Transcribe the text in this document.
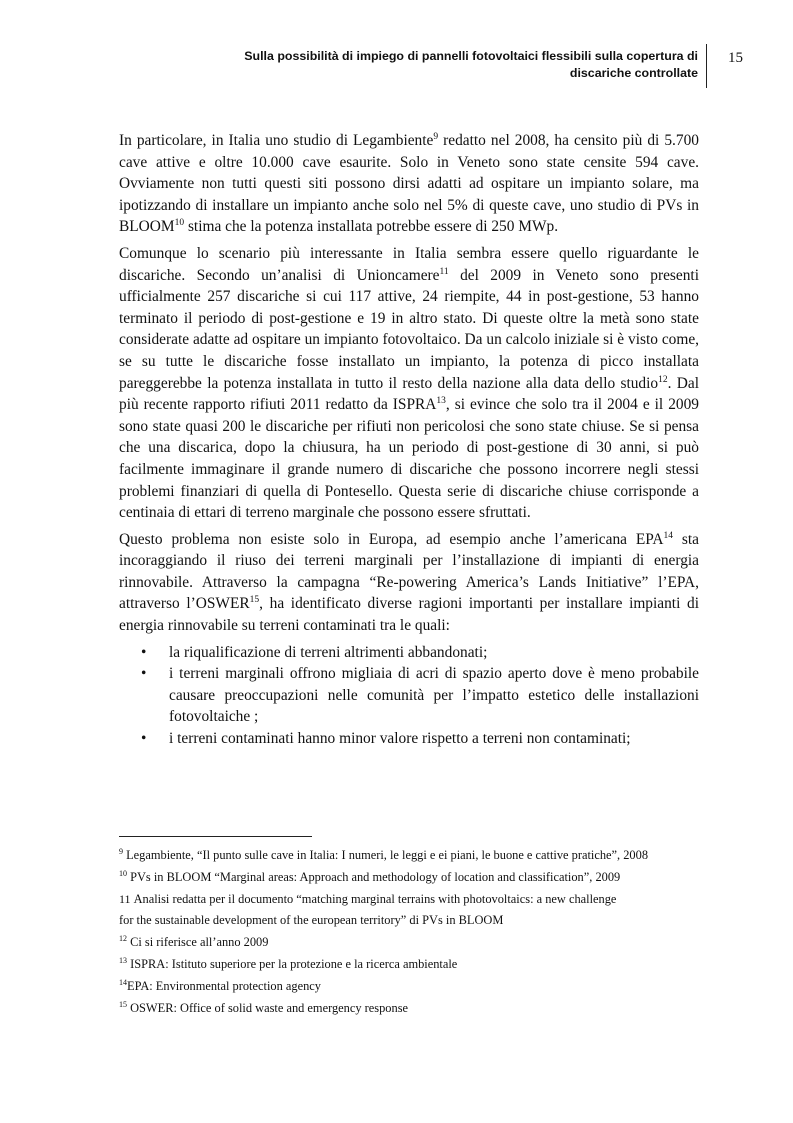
Sulla possibilità di impiego di pannelli fotovoltaici flessibili sulla copertura di
discariche controllate
15

In particolare, in Italia uno studio di Legambiente$^9$ redatto nel 2008, ha censito più di 5.700 cave attive e oltre 10.000 cave esaurite. Solo in Veneto sono state censite 594 cave. Ovviamente non tutti questi siti possono dirsi adatti ad ospitare un impianto solare, ma ipotizzando di installare un impianto anche solo nel 5% di queste cave, uno studio di PVs in BLOOM$^{10}$ stima che la potenza installata potrebbe essere di 250 MWp.

Comunque lo scenario più interessante in Italia sembra essere quello riguardante le discariche. Secondo un’analisi di Unioncamere$^{11}$ del 2009 in Veneto sono presenti ufficialmente 257 discariche si cui 117 attive, 24 riempite, 44 in post-gestione, 53 hanno terminato il periodo di post-gestione e 19 in altro stato. Di queste oltre la metà sono state considerate adatte ad ospitare un impianto fotovoltaico. Da un calcolo iniziale si è visto come, se su tutte le discariche fosse installato un impianto, la potenza di picco installata pareggerebbe la potenza installata in tutto il resto della nazione alla data dello studio$^{12}$. Dal più recente rapporto rifiuti 2011 redatto da ISPRA$^{13}$, si evince che solo tra il 2004 e il 2009 sono state quasi 200 le discariche per rifiuti non pericolosi che sono state chiuse. Se si pensa che una discarica, dopo la chiusura, ha un periodo di post-gestione di 30 anni, si può facilmente immaginare il grande numero di discariche che possono incorrere negli stessi problemi finanziari di quella di Pontesello. Questa serie di discariche chiuse corrisponde a centinaia di ettari di terreno marginale che possono essere sfruttati.

Questo problema non esiste solo in Europa, ad esempio anche l’americana EPA$^{14}$ sta incoraggiando il riuso dei terreni marginali per l’installazione di impianti di energia rinnovabile. Attraverso la campagna “Re-powering America’s Lands Initiative” l’EPA, attraverso l’OSWER$^{15}$, ha identificato diverse ragioni importanti per installare impianti di energia rinnovabile su terreni contaminati tra le quali:

• la riqualificazione di terreni altrimenti abbandonati;
• i terreni marginali offrono migliaia di acri di spazio aperto dove è meno probabile causare preoccupazioni nelle comunità per l’impatto estetico delle installazioni fotovoltaiche ;
• i terreni contaminati hanno minor valore rispetto a terreni non contaminati;
$^9$ Legambiente, “Il punto sulle cave in Italia: I numeri, le leggi e ei piani, le buone e cattive pratiche”, 2008
$^{10}$ PVs in BLOOM “Marginal areas: Approach and methodology of location and classification”, 2009
11 Analisi redatta per il documento “matching marginal terrains with photovoltaics: a new challenge
for the sustainable development of the european territory” di PVs in BLOOM
$^{12}$ Ci si riferisce all’anno 2009
$^{13}$ ISPRA: Istituto superiore per la protezione e la ricerca ambientale
$^{14}$EPA: Environmental protection agency
$^{15}$ OSWER: Office of solid waste and emergency response
